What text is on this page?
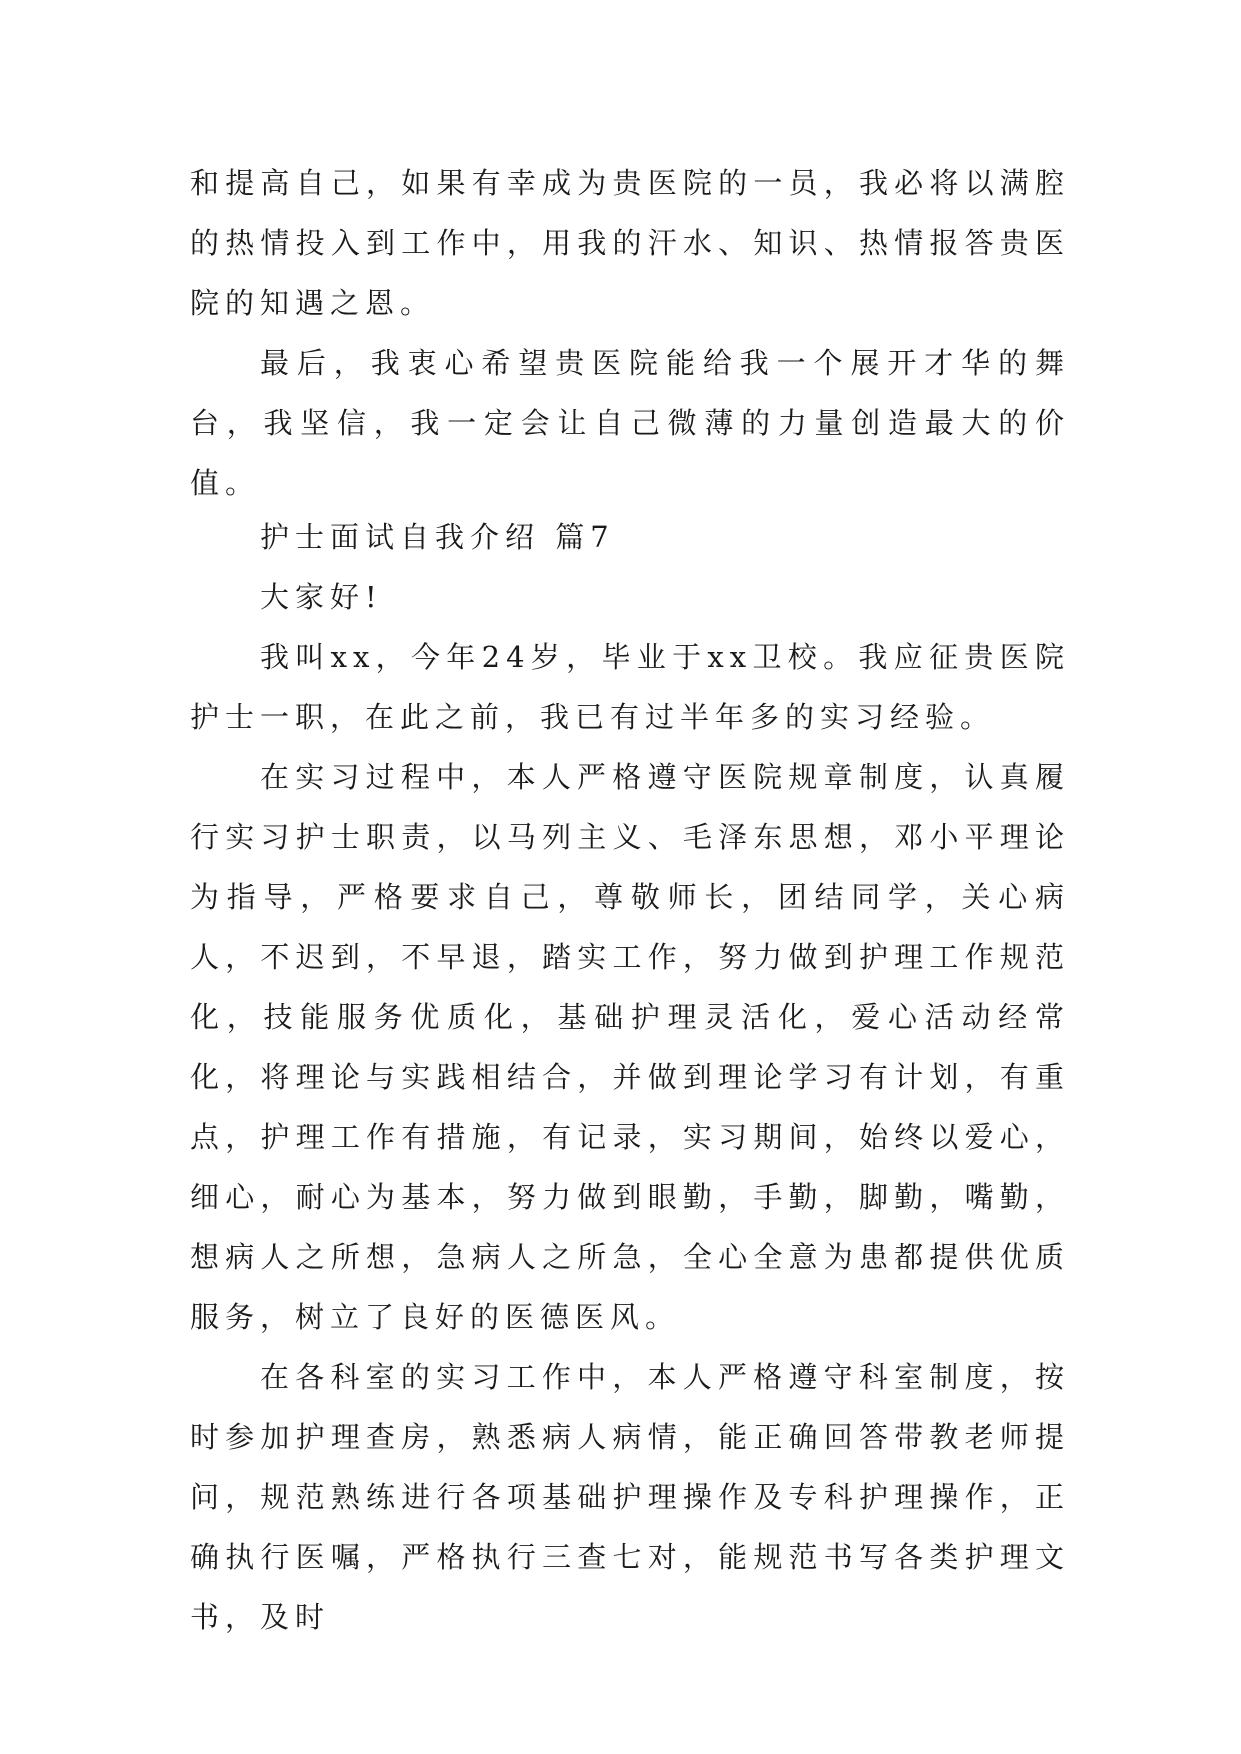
和提高自己，如果有幸成为贵医院的一员，我必将以满腔的热情投入到工作中，用我的汗水、知识、热情报答贵医院的知遇之恩。

最后，我衷心希望贵医院能给我一个展开才华的舞台，我坚信，我一定会让自己微薄的力量创造最大的价值。

护士面试自我介绍 篇7

大家好!

我叫xx，今年24岁，毕业于xx卫校。我应征贵医院护士一职，在此之前，我已有过半年多的实习经验。

在实习过程中，本人严格遵守医院规章制度，认真履行实习护士职责，以马列主义、毛泽东思想，邓小平理论为指导，严格要求自己，尊敬师长，团结同学，关心病人，不迟到，不早退，踏实工作，努力做到护理工作规范化，技能服务优质化，基础护理灵活化，爱心活动经常化，将理论与实践相结合，并做到理论学习有计划，有重点，护理工作有措施，有记录，实习期间，始终以爱心，细心，耐心为基本，努力做到眼勤，手勤，脚勤，嘴勤，想病人之所想，急病人之所急，全心全意为患都提供优质服务，树立了良好的医德医风。

在各科室的实习工作中，本人严格遵守科室制度，按时参加护理查房，熟悉病人病情，能正确回答带教老师提问，规范熟练进行各项基础护理操作及专科护理操作，正确执行医嘱，严格执行三查七对，能规范书写各类护理文书，及时
